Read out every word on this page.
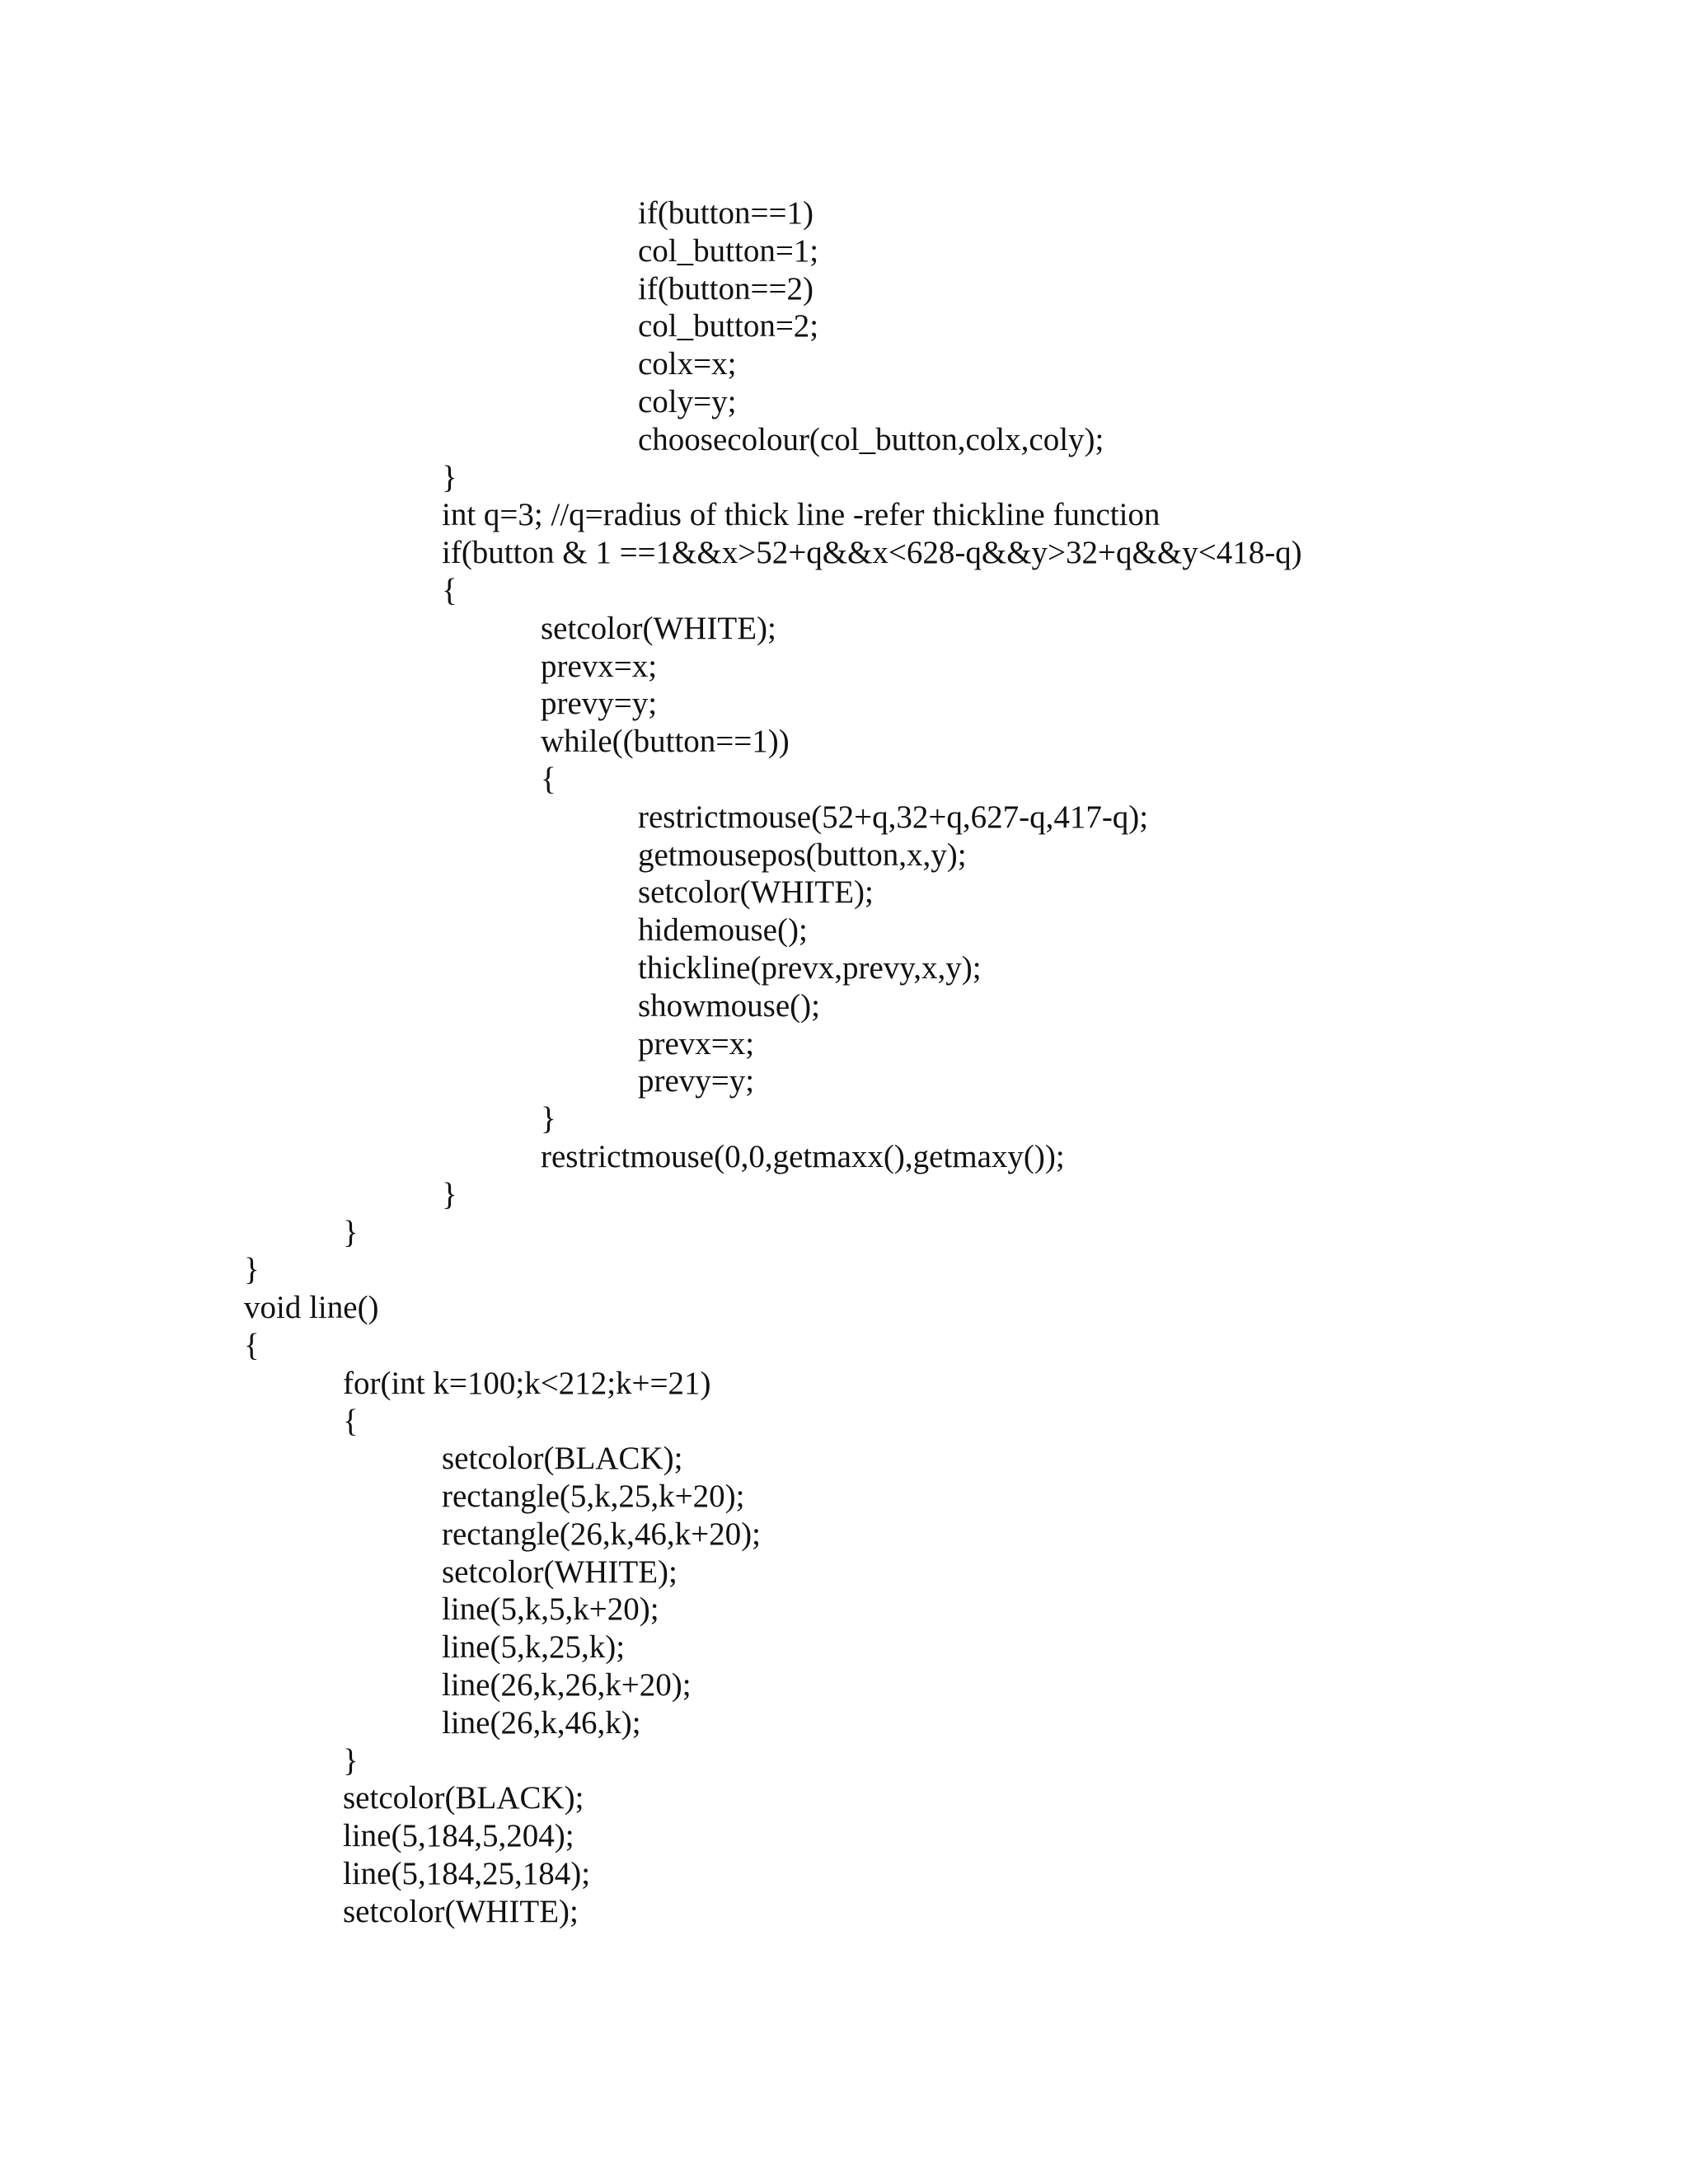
if(button==1)
col_button=1;
if(button==2)
col_button=2;
colx=x;
coly=y;
choosecolour(col_button,colx,coly);
}
int q=3; //q=radius of thick line -refer thickline function
if(button & 1 ==1&&x>52+q&&x<628-q&&y>32+q&&y<418-q)
{
setcolor(WHITE);
prevx=x;
prevy=y;
while((button==1))
{
restrictmouse(52+q,32+q,627-q,417-q);
getmousepos(button,x,y);
setcolor(WHITE);
hidemouse();
thickline(prevx,prevy,x,y);
showmouse();
prevx=x;
prevy=y;
}
restrictmouse(0,0,getmaxx(),getmaxy());
}
}
}
void line()
{
for(int k=100;k<212;k+=21)
{
setcolor(BLACK);
rectangle(5,k,25,k+20);
rectangle(26,k,46,k+20);
setcolor(WHITE);
line(5,k,5,k+20);
line(5,k,25,k);
line(26,k,26,k+20);
line(26,k,46,k);
}
setcolor(BLACK);
line(5,184,5,204);
line(5,184,25,184);
setcolor(WHITE);
